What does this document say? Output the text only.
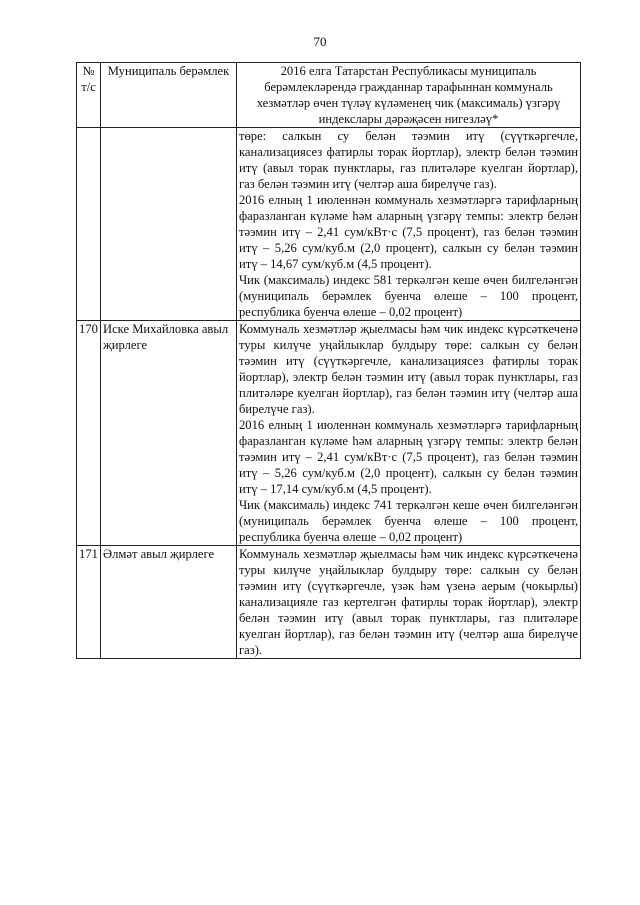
70
№ т/с	Муниципаль берәмлек	2016 елга Татарстан Республикасы муниципаль берәмлекләрендә гражданнар тарафыннан коммуналь хезмәтләр өчен түләү күләменең чик (максималь) үзгәрү индекслары дәрәҗәсен нигезләү*

		төре: салкын су белән тәэмин итү (сүүткәргечле, канализациясез фатирлы торак йортлар), электр белән тәэмин итү (авыл торак пунктлары, газ плитәләре куелган йортлар), газ белән тәэмин итү (челтәр аша бирелүче газ).

2016 елның 1 июленнән коммуналь хезмәтләргә тарифларның фаразланган күләме һәм аларның үзгәрү темпы: электр белән тәэмин итү – 2,41 сум/кВт·с (7,5 процент), газ белән тәэмин итү – 5,26 сум/куб.м (2,0 процент), салкын су белән тәэмин итү – 14,67 сум/куб.м (4,5 процент).

Чик (максималь) индекс 581 теркәлгән кеше өчен билгеләнгән (муниципаль берәмлек буенча өлеше – 100 процент, республика буенча өлеше – 0,02 процент)

170	Иске Михайловка авыл җирлеге	Коммуналь хезмәтләр җыелмасы һәм чик индекс күрсәткеченә туры килүче уңайлыклар булдыру төре: салкын су белән тәэмин итү (сүүткәргечле, канализациясез фатирлы торак йортлар), электр белән тәэмин итү (авыл торак пунктлары, газ плитәләре куелган йортлар), газ белән тәэмин итү (челтәр аша бирелүче газ).

2016 елның 1 июленнән коммуналь хезмәтләргә тарифларның фаразланган күләме һәм аларның үзгәрү темпы: электр белән тәэмин итү – 2,41 сум/кВт·с (7,5 процент), газ белән тәэмин итү – 5,26 сум/куб.м (2,0 процент), салкын су белән тәэмин итү – 17,14 сум/куб.м (4,5 процент).

Чик (максималь) индекс 741 теркәлгән кеше өчен билгеләнгән (муниципаль берәмлек буенча өлеше – 100 процент, республика буенча өлеше – 0,02 процент)

171	Әлмәт авыл җирлеге	Коммуналь хезмәтләр җыелмасы һәм чик индекс күрсәткеченә туры килүче уңайлыклар булдыру төре: салкын су белән тәэмин итү (сүүткәргечле, үзәк һәм үзенә аерым (чокырлы) канализацияле газ кертелгән фатирлы торак йортлар), электр белән тәэмин итү (авыл торак пунктлары, газ плитәләре куелган йортлар), газ белән тәэмин итү (челтәр аша бирелүче газ).
